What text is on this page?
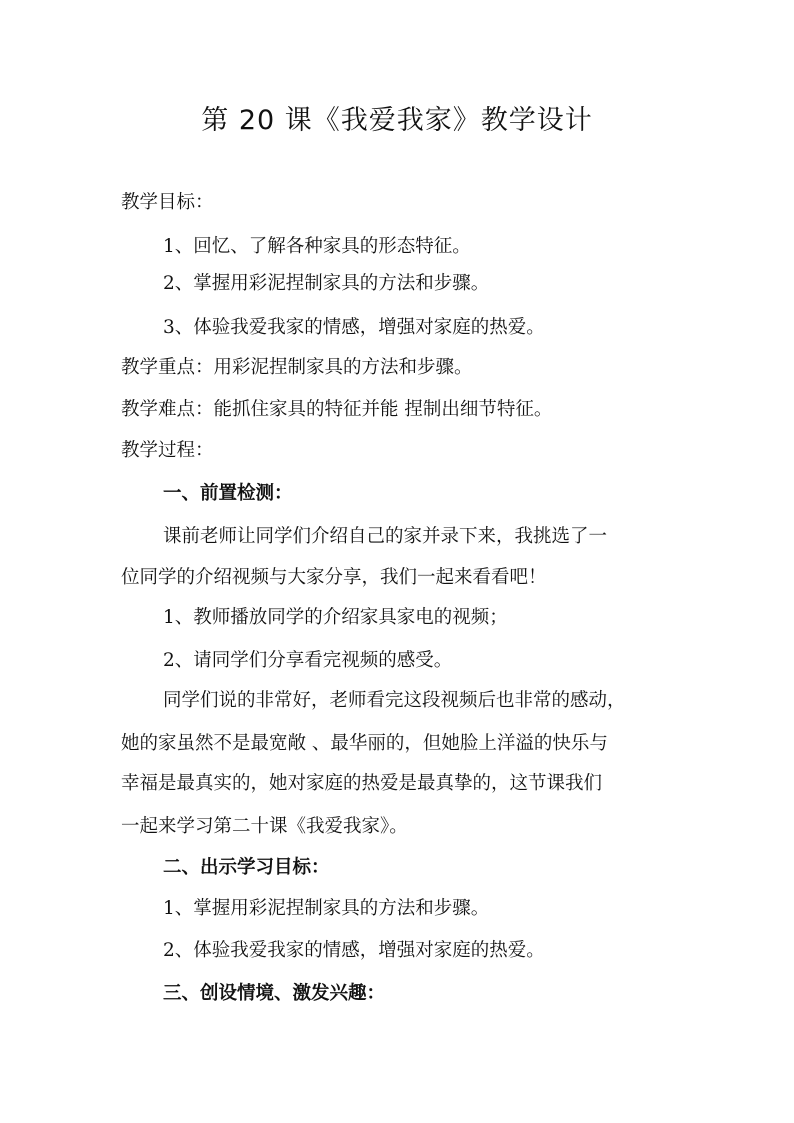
第 20 课《我爱我家》教学设计
教学目标：
1、回忆、了解各种家具的形态特征。
2、掌握用彩泥捏制家具的方法和步骤。
3、体验我爱我家的情感，增强对家庭的热爱。
教学重点：用彩泥捏制家具的方法和步骤。
教学难点：能抓住家具的特征并能 捏制出细节特征。
教学过程：
一、前置检测：
课前老师让同学们介绍自己的家并录下来，我挑选了一
位同学的介绍视频与大家分享，我们一起来看看吧！
1、教师播放同学的介绍家具家电的视频；
2、请同学们分享看完视频的感受。
同学们说的非常好，老师看完这段视频后也非常的感动，
她的家虽然不是最宽敞 、最华丽的，但她脸上洋溢的快乐与
幸福是最真实的，她对家庭的热爱是最真挚的，这节课我们
一起来学习第二十课《我爱我家》。
二、出示学习目标：
1、掌握用彩泥捏制家具的方法和步骤。
2、体验我爱我家的情感，增强对家庭的热爱。
三、创设情境、激发兴趣：
